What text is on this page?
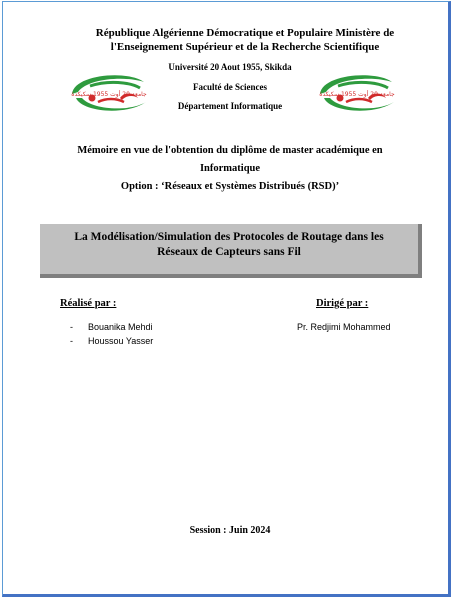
République Algérienne Démocratique et Populaire Ministère de
l'Enseignement Supérieur et de la Recherche Scientifique
Université 20 Aout 1955, Skikda
Faculté de Sciences
Département Informatique
جامعة 20 أوت 1955 سكيكدة	جامعة 20 أوت 1955 سكيكدة
Mémoire en vue de l'obtention du diplôme de master académique en
Informatique
Option : ‘Réseaux et Systèmes Distribués (RSD)’
La Modélisation/Simulation des Protocoles de Routage dans les
Réseaux de Capteurs sans Fil
Réalisé par :
- Bouanika Mehdi
- Houssou Yasser
Dirigé par :
Pr. Redjimi Mohammed
Session : Juin 2024
